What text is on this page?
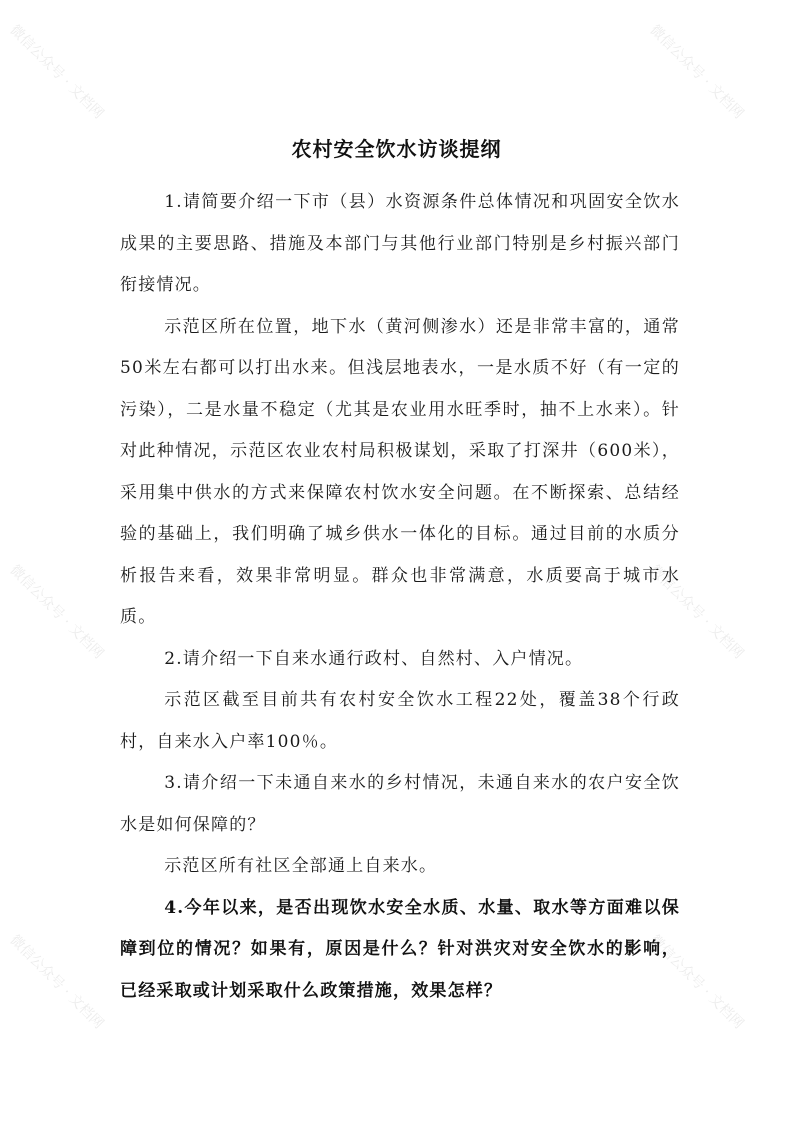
微信公众号 · 文档网	微信公众号 · 文档网
微信公众号 · 文档网	微信公众号 · 文档网
微信公众号 · 文档网	微信公众号 · 文档网
农村安全饮水访谈提纲

1.请简要介绍一下市（县）水资源条件总体情况和巩固安全饮水成果的主要思路、措施及本部门与其他行业部门特别是乡村振兴部门衔接情况。

示范区所在位置，地下水（黄河侧渗水）还是非常丰富的，通常50米左右都可以打出水来。但浅层地表水，一是水质不好（有一定的污染），二是水量不稳定（尤其是农业用水旺季时，抽不上水来）。针对此种情况，示范区农业农村局积极谋划，采取了打深井（600米），采用集中供水的方式来保障农村饮水安全问题。在不断探索、总结经验的基础上，我们明确了城乡供水一体化的目标。通过目前的水质分析报告来看，效果非常明显。群众也非常满意，水质要高于城市水质。

2.请介绍一下自来水通行政村、自然村、入户情况。

示范区截至目前共有农村安全饮水工程22处，覆盖38个行政村，自来水入户率100％。

3.请介绍一下未通自来水的乡村情况，未通自来水的农户安全饮水是如何保障的？

示范区所有社区全部通上自来水。

4.今年以来，是否出现饮水安全水质、水量、取水等方面难以保障到位的情况？如果有，原因是什么？针对洪灾对安全饮水的影响，已经采取或计划采取什么政策措施，效果怎样？
